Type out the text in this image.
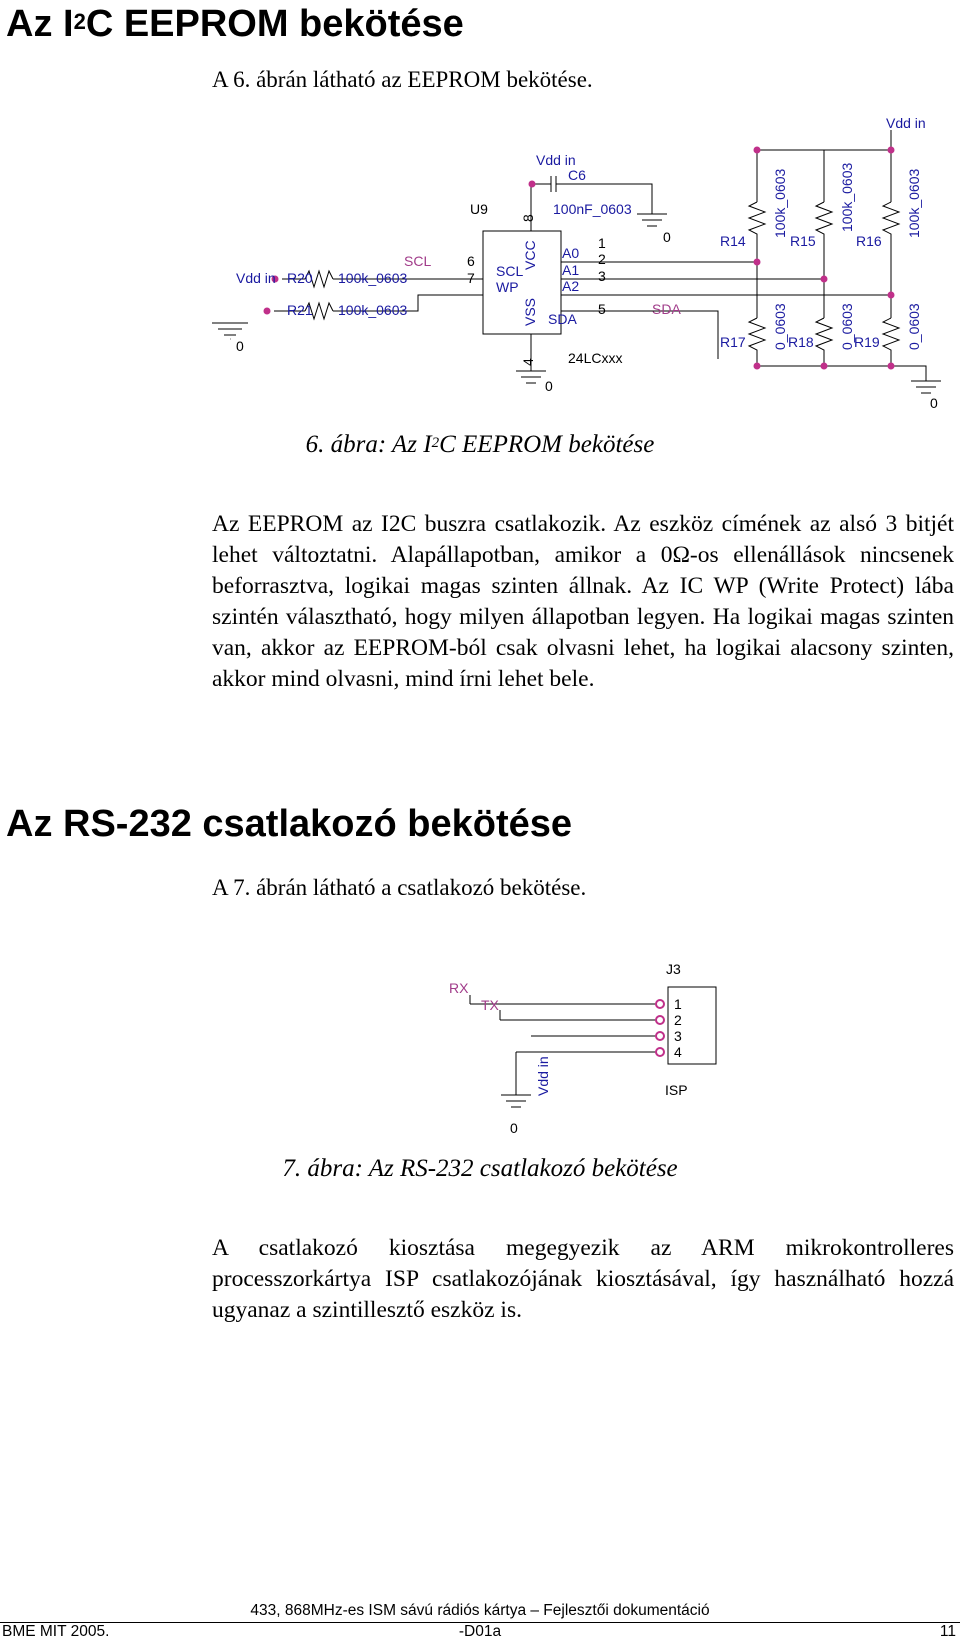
Az $I^2C$ EEPROM bekötése
A 6. ábrán látható az EEPROM bekötése.
0
Vdd in R20 100k_0603
R21 100k_0603
SCL
U9
6
7 SCL
WP
VCC
VSS
8
4
A0
A1
A2
SDA
1
2
3
5
24LCxxx
Vdd in
C6
100nF_0603
0
0
SDA
Vdd in
R14	R15	R16
R17	R18	R19
100k_0603	100k_0603	100k_0603
0_0603	0_0603	0_0603
0
6. ábra: Az $I^2C$ EEPROM bekötése

Az EEPROM az I2C buszra csatlakozik. Az eszköz címének az alsó 3 bitjét lehet változtatni. Alapállapotban, amikor a 0Ω-os ellenállások nincsenek beforrasztva, logikai magas szinten állnak. Az IC WP (Write Protect) lába szintén választható, hogy milyen állapotban legyen. Ha logikai magas szinten van, akkor az EEPROM-ból csak olvasni lehet, ha logikai alacsony szinten, akkor mind olvasni, mind írni lehet bele.

Az RS-232 csatlakozó bekötése
A 7. ábrán látható a csatlakozó bekötése.
J3
RX
TX
Vdd in
1
2
3
4
ISP
0
7. ábra: Az RS-232 csatlakozó bekötése

A csatlakozó kiosztása megegyezik az ARM mikrokontrolleres processzorkártya ISP csatlakozójának kiosztásával, így használható hozzá ugyanaz a szintillesztő eszköz is.

433, 868MHz-es ISM sávú rádiós kártya – Fejlesztői dokumentáció
BME MIT 2005.	-D01a	11
